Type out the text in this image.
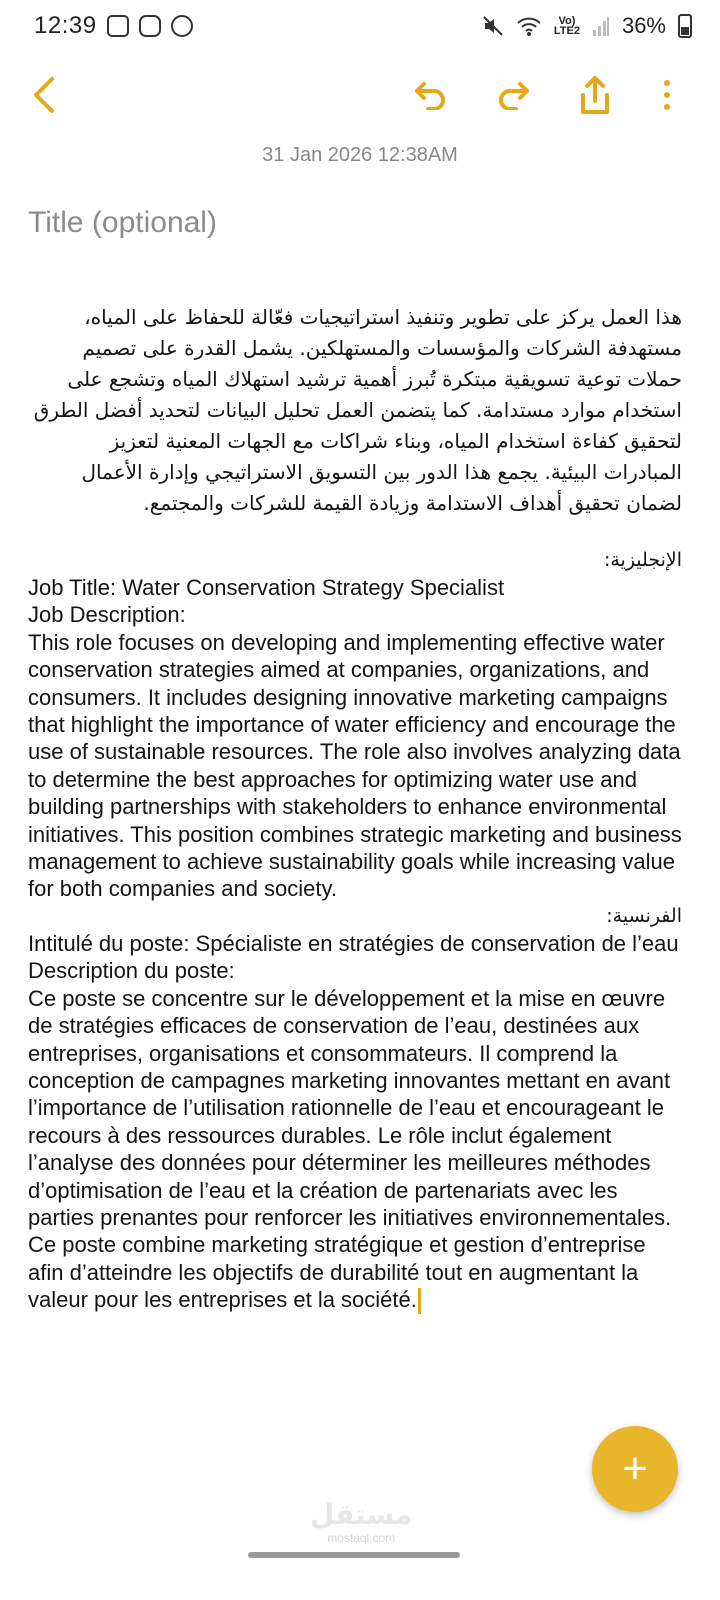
12:39	Vo)
LTE2 36%
31 Jan 2026 12:38AM
Title (optional)
هذا العمل يركز على تطوير وتنفيذ استراتيجيات فعّالة للحفاظ على المياه، مستهدفة الشركات والمؤسسات والمستهلكين. يشمل القدرة على تصميم حملات توعية تسويقية مبتكرة تُبرز أهمية ترشيد استهلاك المياه وتشجع على استخدام موارد مستدامة. كما يتضمن العمل تحليل البيانات لتحديد أفضل الطرق لتحقيق كفاءة استخدام المياه، وبناء شراكات مع الجهات المعنية لتعزيز المبادرات البيئية. يجمع هذا الدور بين التسويق الاستراتيجي وإدارة الأعمال لضمان تحقيق أهداف الاستدامة وزيادة القيمة للشركات والمجتمع.
الإنجليزية:
Job Title: Water Conservation Strategy Specialist
Job Description:
This role focuses on developing and implementing effective water conservation strategies aimed at companies, organizations, and consumers. It includes designing innovative marketing campaigns that highlight the importance of water efficiency and encourage the use of sustainable resources. The role also involves analyzing data to determine the best approaches for optimizing water use and building partnerships with stakeholders to enhance environmental initiatives. This position combines strategic marketing and business management to achieve sustainability goals while increasing value for both companies and society.
الفرنسية:
Intitulé du poste: Spécialiste en stratégies de conservation de l’eau
Description du poste:
Ce poste se concentre sur le développement et la mise en œuvre de stratégies efficaces de conservation de l’eau, destinées aux entreprises, organisations et consommateurs. Il comprend la conception de campagnes marketing innovantes mettant en avant l’importance de l’utilisation rationnelle de l’eau et encourageant le recours à des ressources durables. Le rôle inclut également l’analyse des données pour déterminer les meilleures méthodes d’optimisation de l’eau et la création de partenariats avec les parties prenantes pour renforcer les initiatives environnementales. Ce poste combine marketing stratégique et gestion d’entreprise afin d’atteindre les objectifs de durabilité tout en augmentant la valeur pour les entreprises et la société.
+
مستقل
mostaql.com
